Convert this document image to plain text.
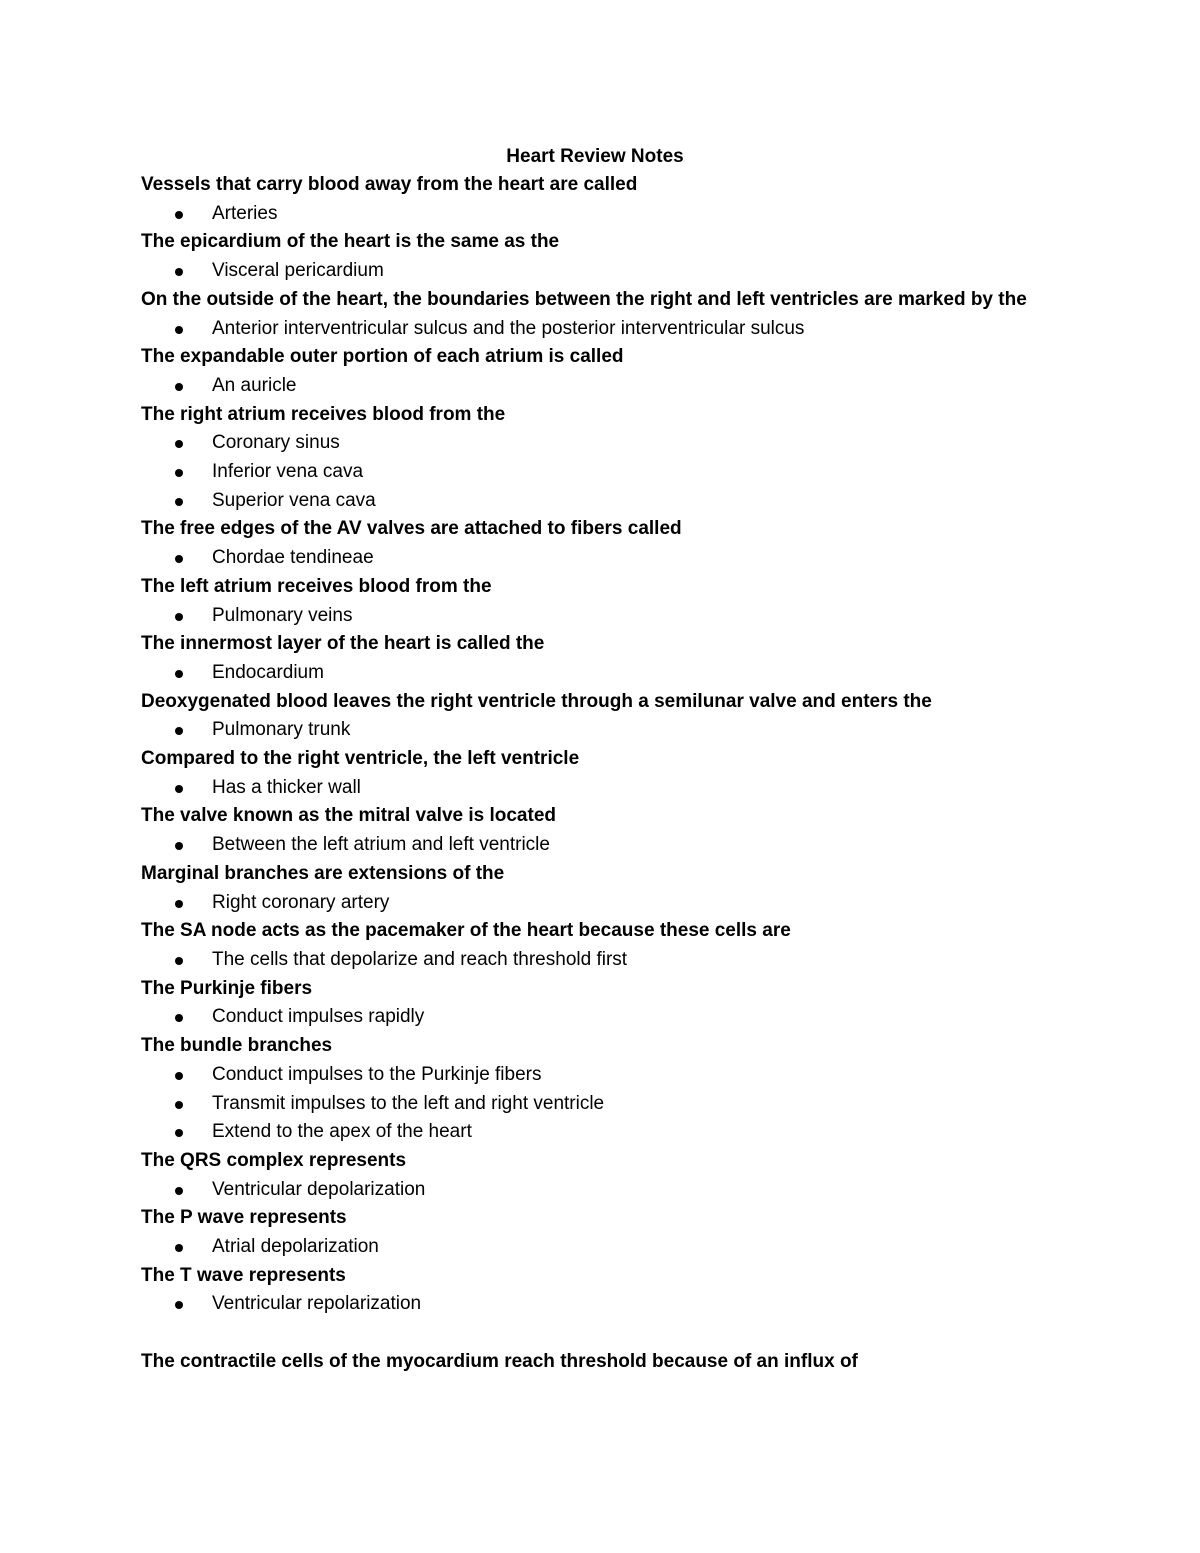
Heart Review Notes
Vessels that carry blood away from the heart are called
Arteries
The epicardium of the heart is the same as the
Visceral pericardium
On the outside of the heart, the boundaries between the right and left ventricles are marked by the
Anterior interventricular sulcus and the posterior interventricular sulcus
The expandable outer portion of each atrium is called
An auricle
The right atrium receives blood from the
Coronary sinus
Inferior vena cava
Superior vena cava
The free edges of the AV valves are attached to fibers called
Chordae tendineae
The left atrium receives blood from the
Pulmonary veins
The innermost layer of the heart is called the
Endocardium
Deoxygenated blood leaves the right ventricle through a semilunar valve and enters the
Pulmonary trunk
Compared to the right ventricle, the left ventricle
Has a thicker wall
The valve known as the mitral valve is located
Between the left atrium and left ventricle
Marginal branches are extensions of the
Right coronary artery
The SA node acts as the pacemaker of the heart because these cells are
The cells that depolarize and reach threshold first
The Purkinje fibers
Conduct impulses rapidly
The bundle branches
Conduct impulses to the Purkinje fibers
Transmit impulses to the left and right ventricle
Extend to the apex of the heart
The QRS complex represents
Ventricular depolarization
The P wave represents
Atrial depolarization
The T wave represents
Ventricular repolarization
The contractile cells of the myocardium reach threshold because of an influx of
